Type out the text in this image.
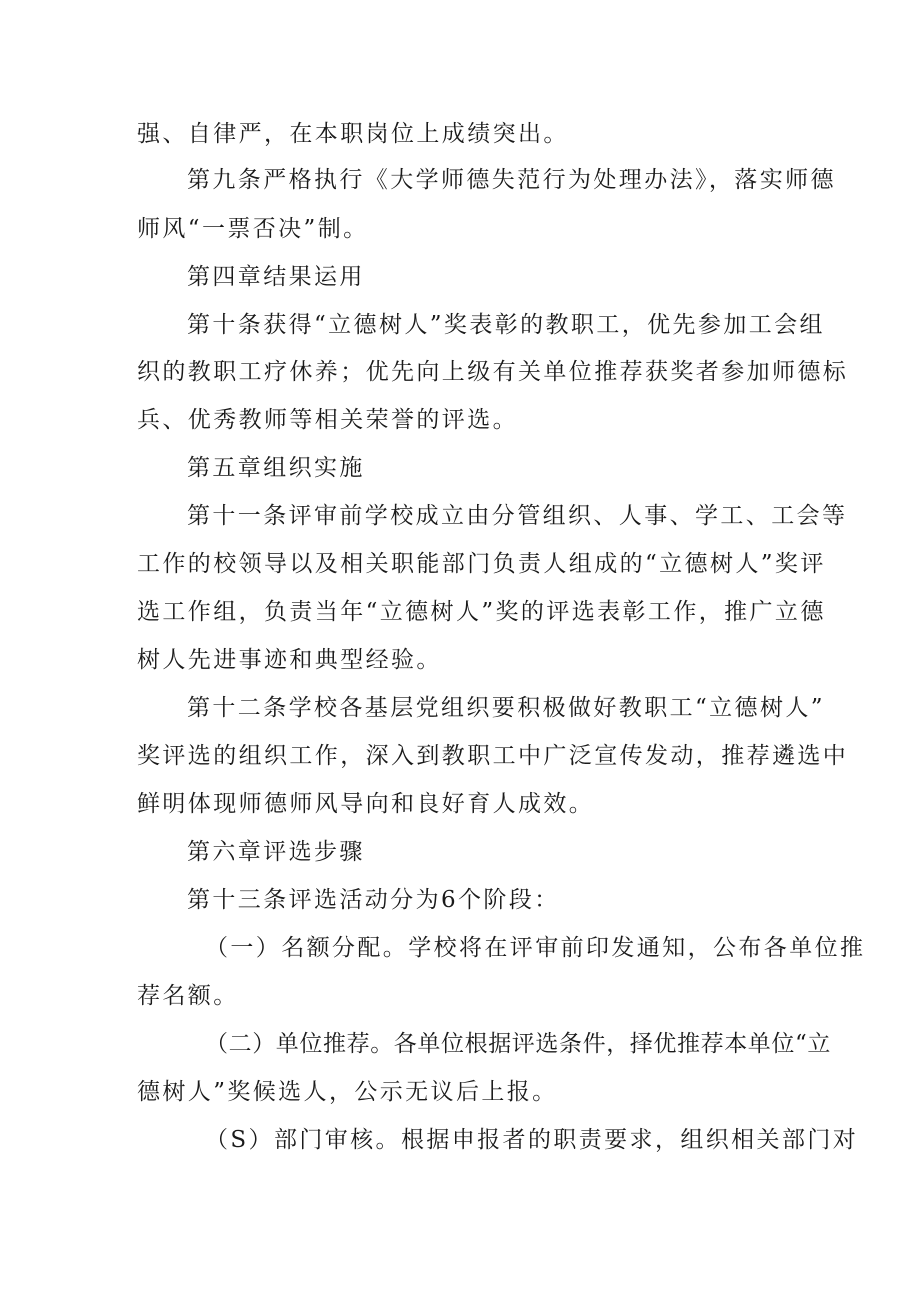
强、自律严，在本职岗位上成绩突出。
第九条严格执行《大学师德失范行为处理办法》，落实师德
师风“一票否决”制。
第四章结果运用
第十条获得“立德树人”奖表彰的教职工，优先参加工会组
织的教职工疗休养；优先向上级有关单位推荐获奖者参加师德标
兵、优秀教师等相关荣誉的评选。
第五章组织实施
第十一条评审前学校成立由分管组织、人事、学工、工会等
工作的校领导以及相关职能部门负责人组成的“立德树人”奖评
选工作组，负责当年“立德树人”奖的评选表彰工作，推广立德
树人先进事迹和典型经验。
第十二条学校各基层党组织要积极做好教职工“立德树人”
奖评选的组织工作，深入到教职工中广泛宣传发动，推荐遴选中
鲜明体现师德师风导向和良好育人成效。
第六章评选步骤
第十三条评选活动分为6个阶段：
（一）名额分配。学校将在评审前印发通知，公布各单位推
荐名额。
（二）单位推荐。各单位根据评选条件，择优推荐本单位“立
德树人”奖候选人，公示无议后上报。
（S）部门审核。根据申报者的职责要求，组织相关部门对
